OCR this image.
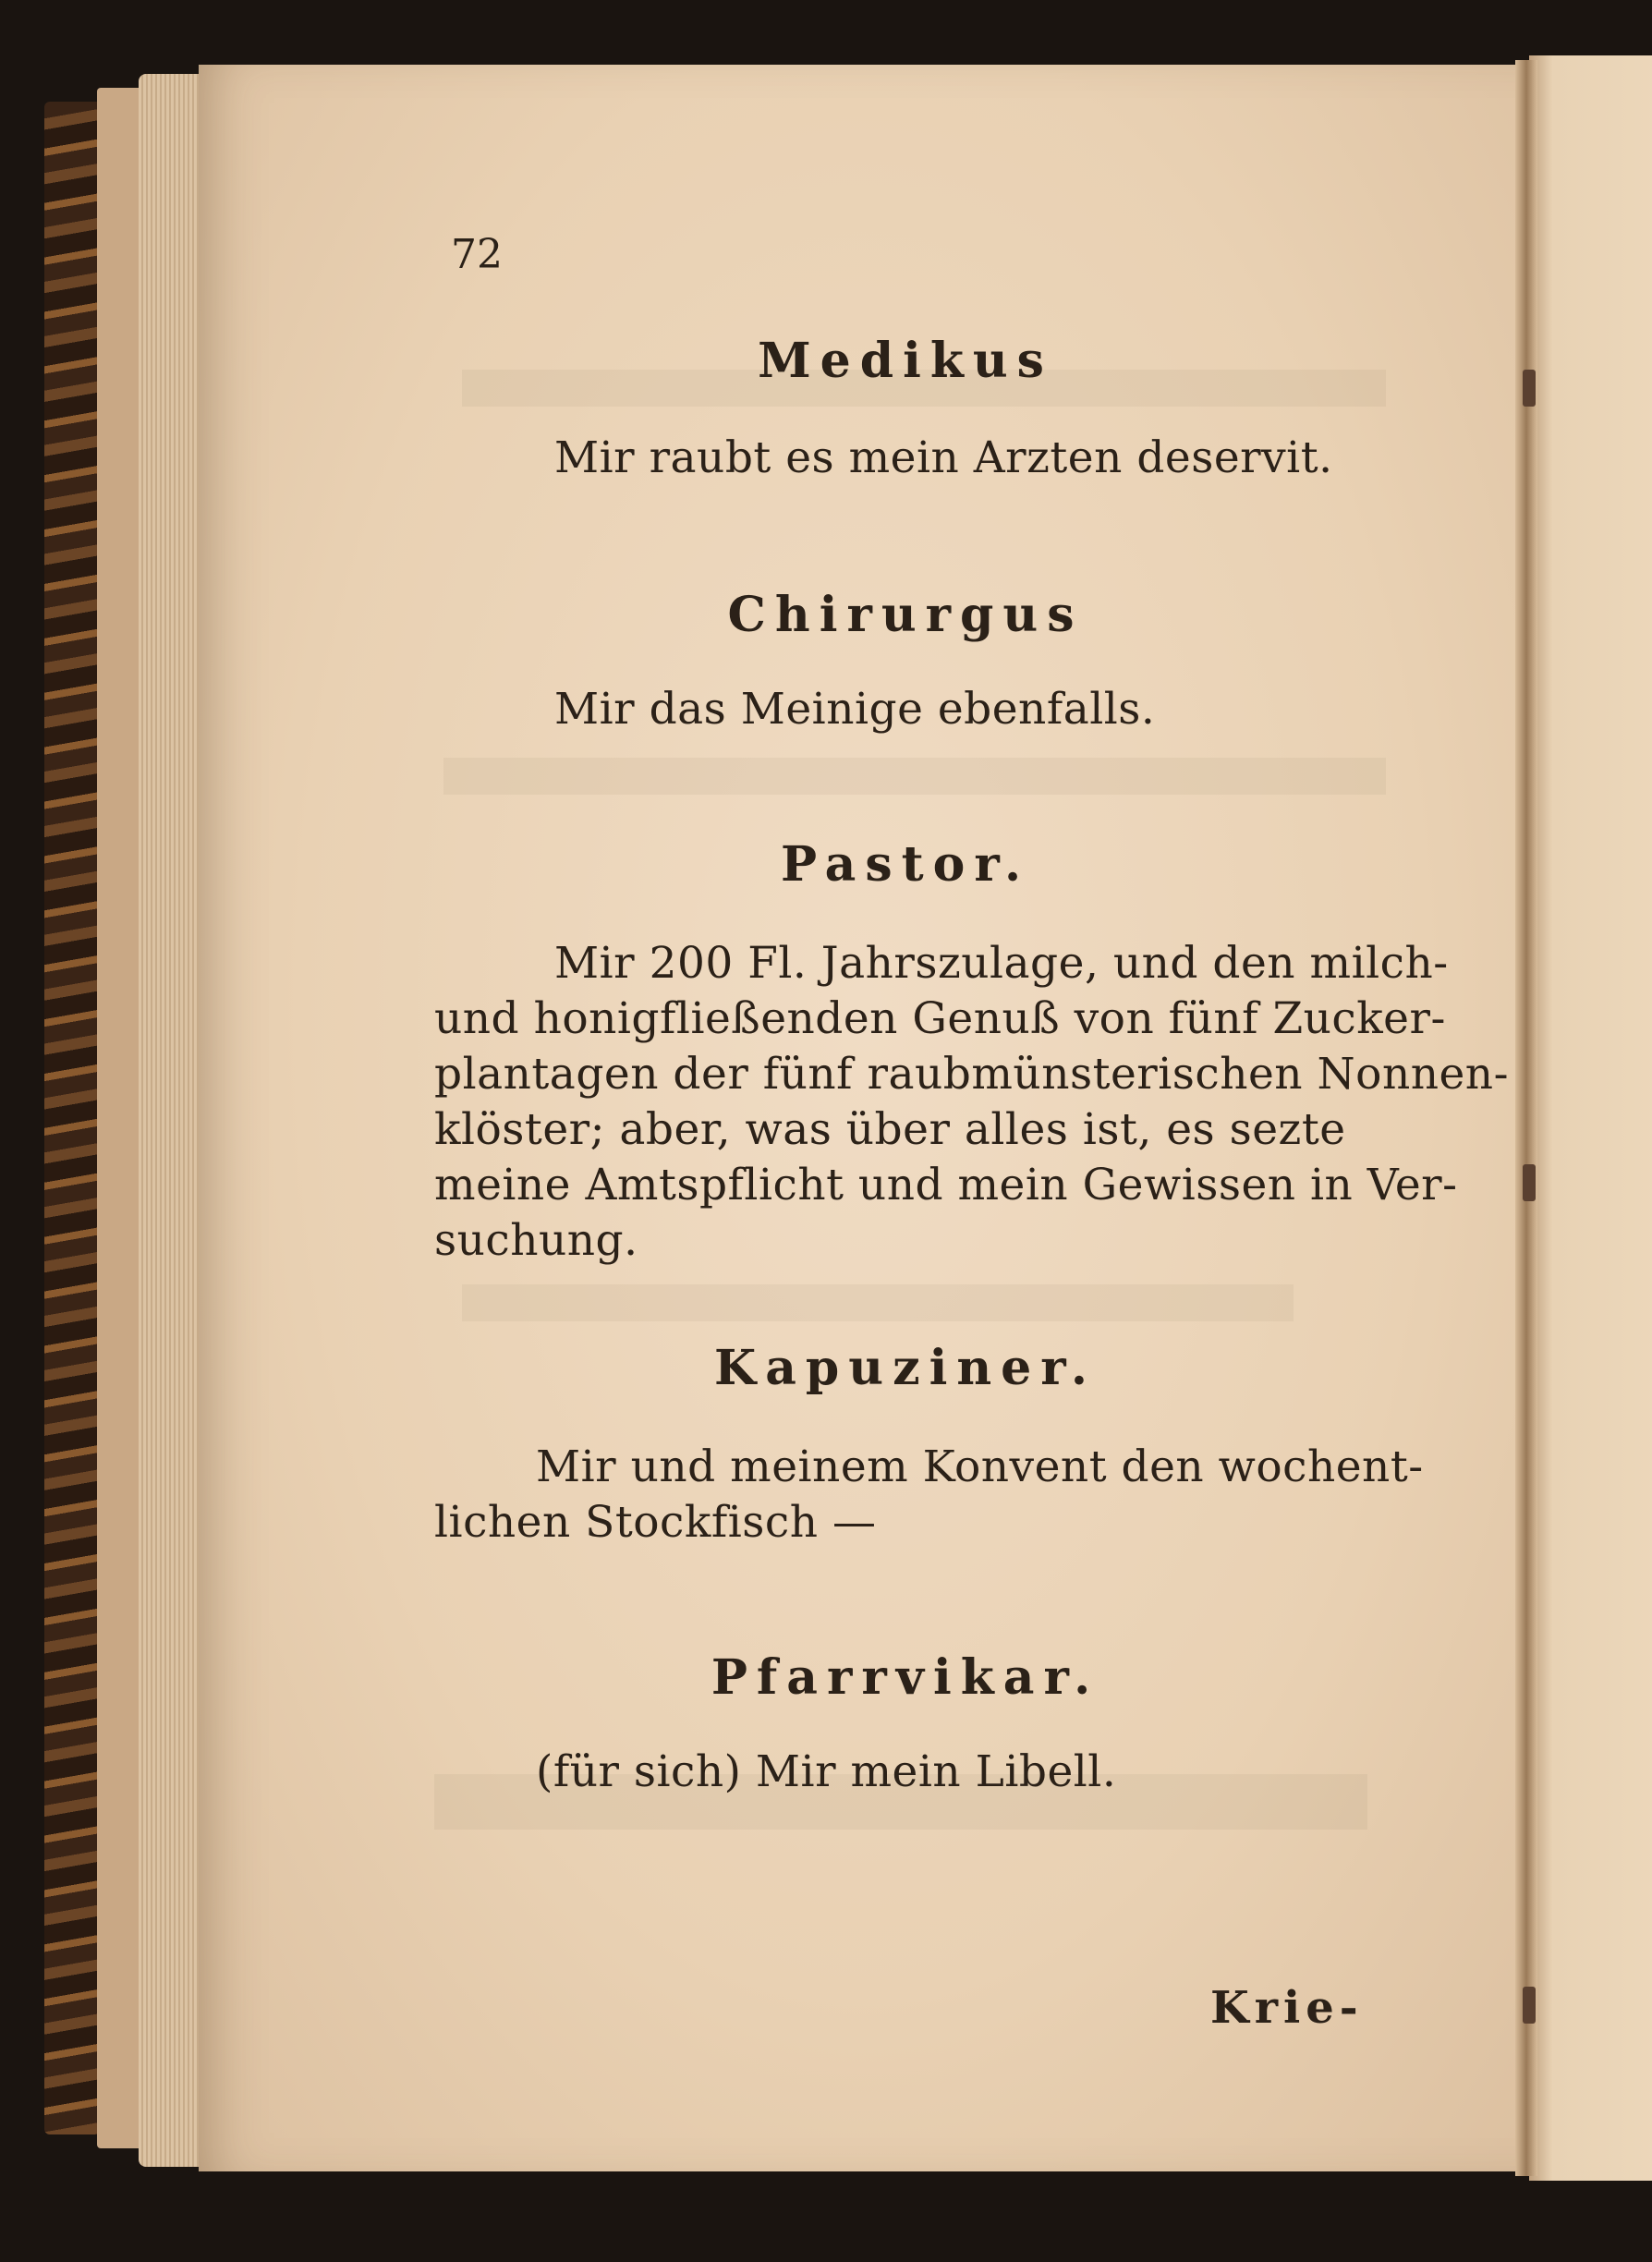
72
Medikus
Mir raubt es mein Arzten deservit.
Chirurgus
Mir das Meinige ebenfalls.
Pastor.
Mir 200 Fl. Jahrszulage, und den milch-
und honigfließenden Genuß von fünf Zucker-
plantagen der fünf raubmünsterischen Nonnen-
klöster; aber, was über alles ist, es sezte
meine Amtspflicht und mein Gewissen in Ver-
suchung.
Kapuziner.
Mir und meinem Konvent den wochent-
lichen Stockfisch —
Pfarrvikar.
(für sich) Mir mein Libell.
Krie-
